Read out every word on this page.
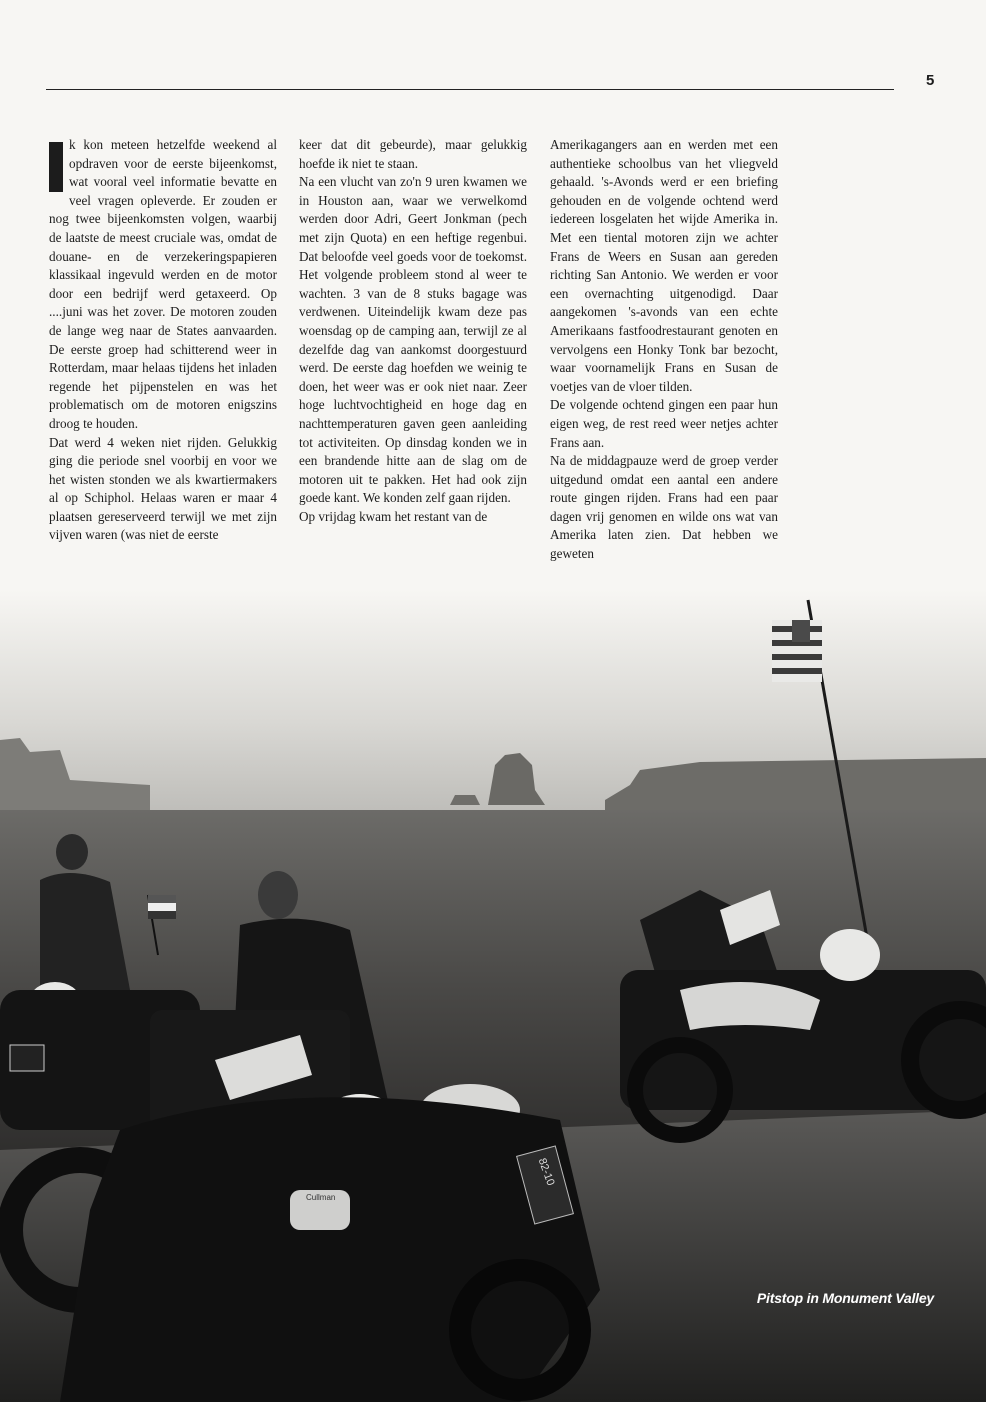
5

k kon meteen hetzelfde weekend al opdraven voor de eerste bijeenkomst, wat vooral veel informatie bevatte en veel vragen opleverde. Er zouden er nog twee bijeenkomsten volgen, waarbij de laatste de meest cruciale was, omdat de douane- en de verzekeringspapieren klassikaal ingevuld werden en de motor door een bedrijf werd getaxeerd. Op ....juni was het zover. De motoren zouden de lange weg naar de States aanvaarden. De eerste groep had schitterend weer in Rotterdam, maar helaas tijdens het inladen regende het pijpenstelen en was het problematisch om de motoren enigszins droog te houden.

Dat werd 4 weken niet rijden. Gelukkig ging die periode snel voorbij en voor we het wisten stonden we als kwartiermakers al op Schiphol. Helaas waren er maar 4 plaatsen gereserveerd terwijl we met zijn vijven waren (was niet de eerste

keer dat dit gebeurde), maar gelukkig hoefde ik niet te staan.

Na een vlucht van zo'n 9 uren kwamen we in Houston aan, waar we verwelkomd werden door Adri, Geert Jonkman (pech met zijn Quota) en een heftige regenbui. Dat beloofde veel goeds voor de toekomst. Het volgende probleem stond al weer te wachten. 3 van de 8 stuks bagage was verdwenen. Uiteindelijk kwam deze pas woensdag op de camping aan, terwijl ze al dezelfde dag van aankomst doorgestuurd werd. De eerste dag hoefden we weinig te doen, het weer was er ook niet naar. Zeer hoge luchtvochtigheid en hoge dag en nachttemperaturen gaven geen aanleiding tot activiteiten. Op dinsdag konden we in een brandende hitte aan de slag om de motoren uit te pakken. Het had ook zijn goede kant. We konden zelf gaan rijden.

Op vrijdag kwam het restant van de

Amerikagangers aan en werden met een authentieke schoolbus van het vliegveld gehaald. 's-Avonds werd er een briefing gehouden en de volgende ochtend werd iedereen losgelaten het wijde Amerika in. Met een tiental motoren zijn we achter Frans de Weers en Susan aan gereden richting San Antonio. We werden er voor een overnachting uitgenodigd. Daar aangekomen 's-avonds van een echte Amerikaans fastfoodrestaurant genoten en vervolgens een Honky Tonk bar bezocht, waar voornamelijk Frans en Susan de voetjes van de vloer tilden.

De volgende ochtend gingen een paar hun eigen weg, de rest reed weer netjes achter Frans aan.

Na de middagpauze werd de groep verder uitgedund omdat een aantal een andere route gingen rijden. Frans had een paar dagen vrij genomen en wilde ons wat van Amerika laten zien. Dat hebben we geweten

82-10
Cullman
Pitstop in Monument Valley
